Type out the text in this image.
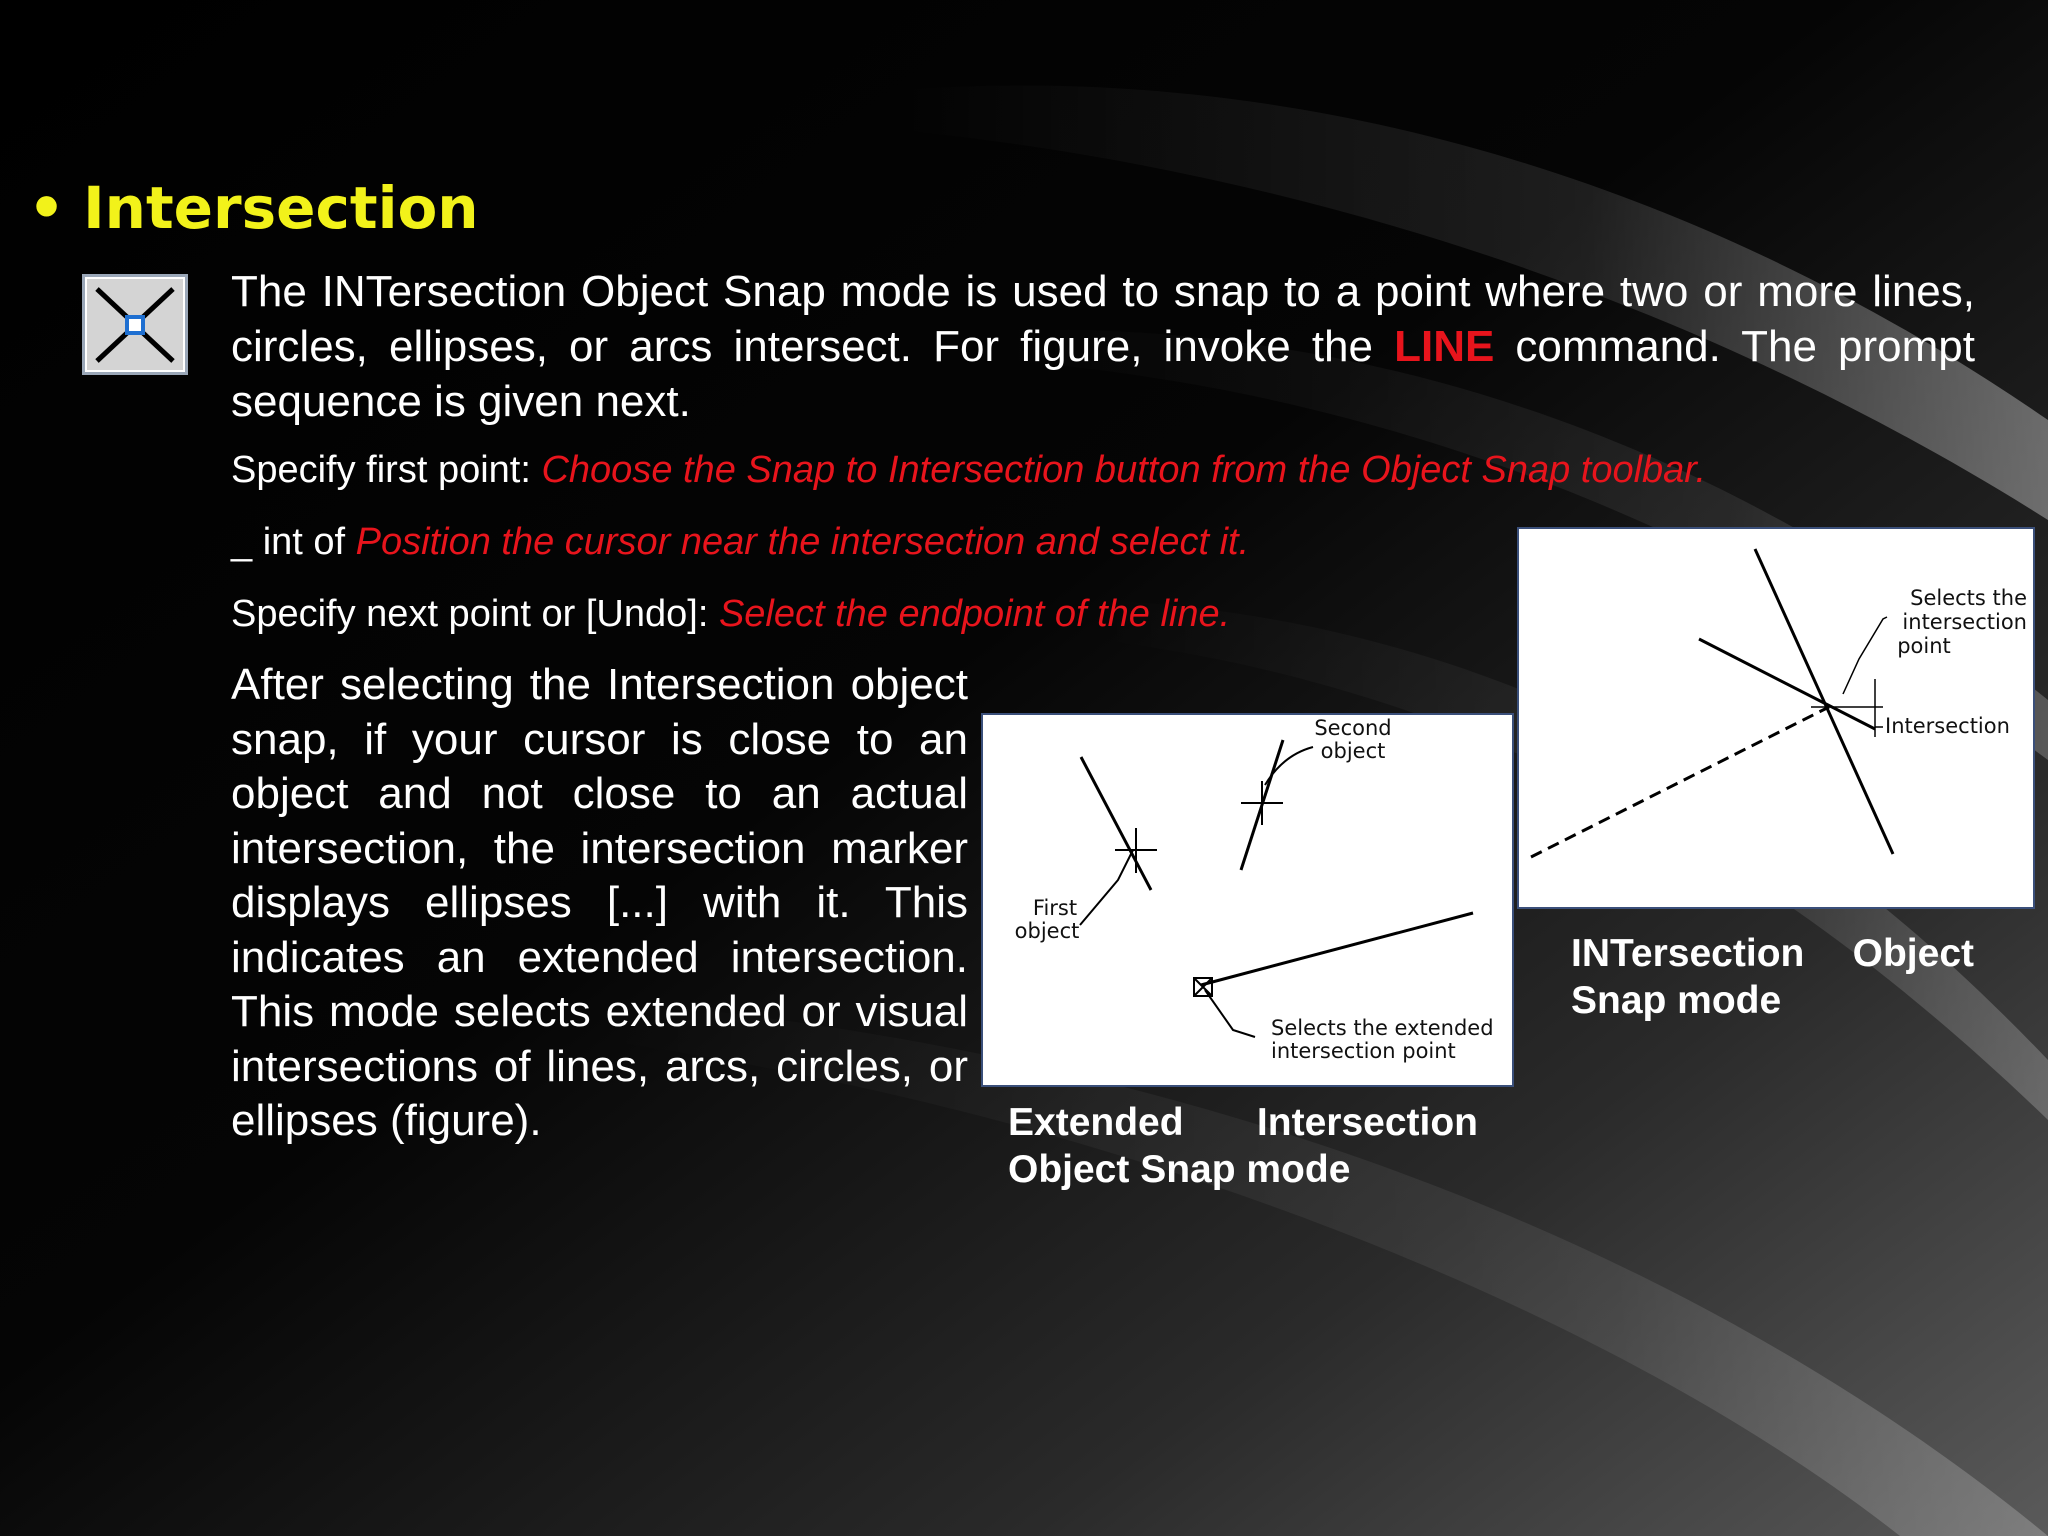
• Intersection
The INTersection Object Snap mode is used to snap to a point where two or more lines, circles, ellipses, or arcs intersect. For figure, invoke the LINE command. The prompt sequence is given next.
Specify first point: Choose the Snap to Intersection button from the Object Snap toolbar.
_ int of Position the cursor near the intersection and select it.
Specify next point or [Undo]: Select the endpoint of the line.
After selecting the Intersection object snap, if your cursor is close to an object and not close to an actual intersection, the intersection marker displays ellipses [...] with it. This indicates an extended intersection. This mode selects extended or visual intersections of lines, arcs, circles, or ellipses (figure).
Second
object
First
object
Selects the extended
intersection point
Selects the
intersection
point
Intersection
Extended Intersection Object Snap mode
INTersection Object Snap mode
